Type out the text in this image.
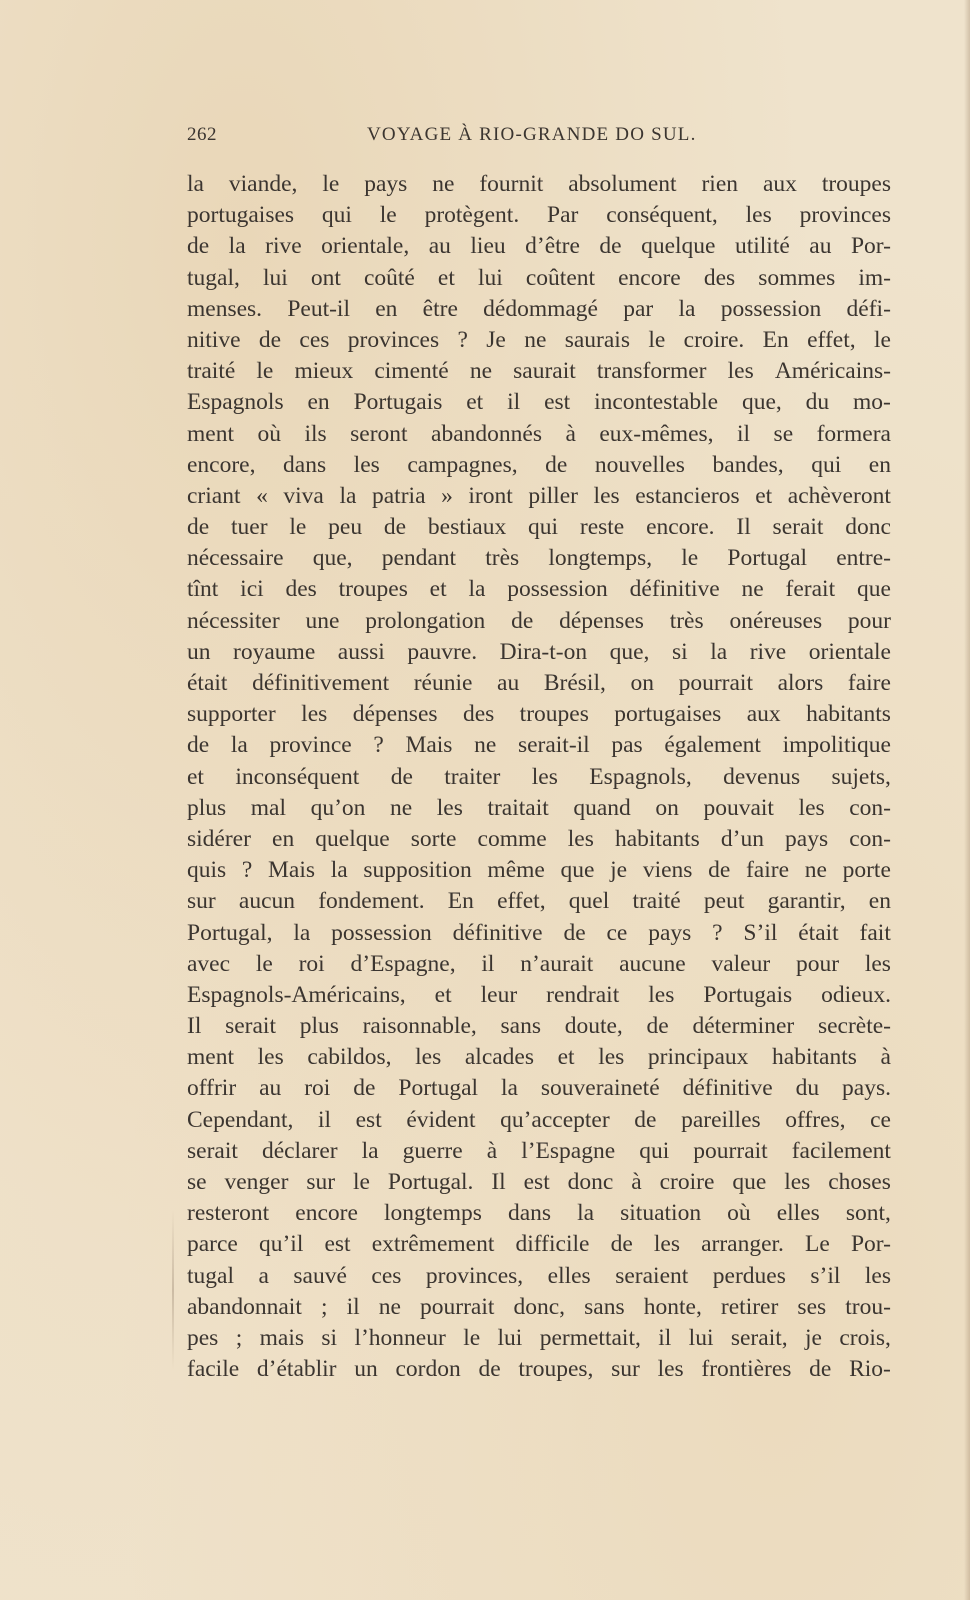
262	VOYAGE À RIO-GRANDE DO SUL.
la viande, le pays ne fournit absolument rien aux troupes
portugaises qui le protègent. Par conséquent, les provinces
de la rive orientale, au lieu d’être de quelque utilité au Por-
tugal, lui ont coûté et lui coûtent encore des sommes im-
menses. Peut-il en être dédommagé par la possession défi-
nitive de ces provinces ? Je ne saurais le croire. En effet, le
traité le mieux cimenté ne saurait transformer les Américains-
Espagnols en Portugais et il est incontestable que, du mo-
ment où ils seront abandonnés à eux-mêmes, il se formera
encore, dans les campagnes, de nouvelles bandes, qui en
criant « viva la patria » iront piller les estancieros et achèveront
de tuer le peu de bestiaux qui reste encore. Il serait donc
nécessaire que, pendant très longtemps, le Portugal entre-
tînt ici des troupes et la possession définitive ne ferait que
nécessiter une prolongation de dépenses très onéreuses pour
un royaume aussi pauvre. Dira-t-on que, si la rive orientale
était définitivement réunie au Brésil, on pourrait alors faire
supporter les dépenses des troupes portugaises aux habitants
de la province ? Mais ne serait-il pas également impolitique
et inconséquent de traiter les Espagnols, devenus sujets,
plus mal qu’on ne les traitait quand on pouvait les con-
sidérer en quelque sorte comme les habitants d’un pays con-
quis ? Mais la supposition même que je viens de faire ne porte
sur aucun fondement. En effet, quel traité peut garantir, en
Portugal, la possession définitive de ce pays ? S’il était fait
avec le roi d’Espagne, il n’aurait aucune valeur pour les
Espagnols-Américains, et leur rendrait les Portugais odieux.
Il serait plus raisonnable, sans doute, de déterminer secrète-
ment les cabildos, les alcades et les principaux habitants à
offrir au roi de Portugal la souveraineté définitive du pays.
Cependant, il est évident qu’accepter de pareilles offres, ce
serait déclarer la guerre à l’Espagne qui pourrait facilement
se venger sur le Portugal. Il est donc à croire que les choses
resteront encore longtemps dans la situation où elles sont,
parce qu’il est extrêmement difficile de les arranger. Le Por-
tugal a sauvé ces provinces, elles seraient perdues s’il les
abandonnait ; il ne pourrait donc, sans honte, retirer ses trou-
pes ; mais si l’honneur le lui permettait, il lui serait, je crois,
facile d’établir un cordon de troupes, sur les frontières de Rio-
